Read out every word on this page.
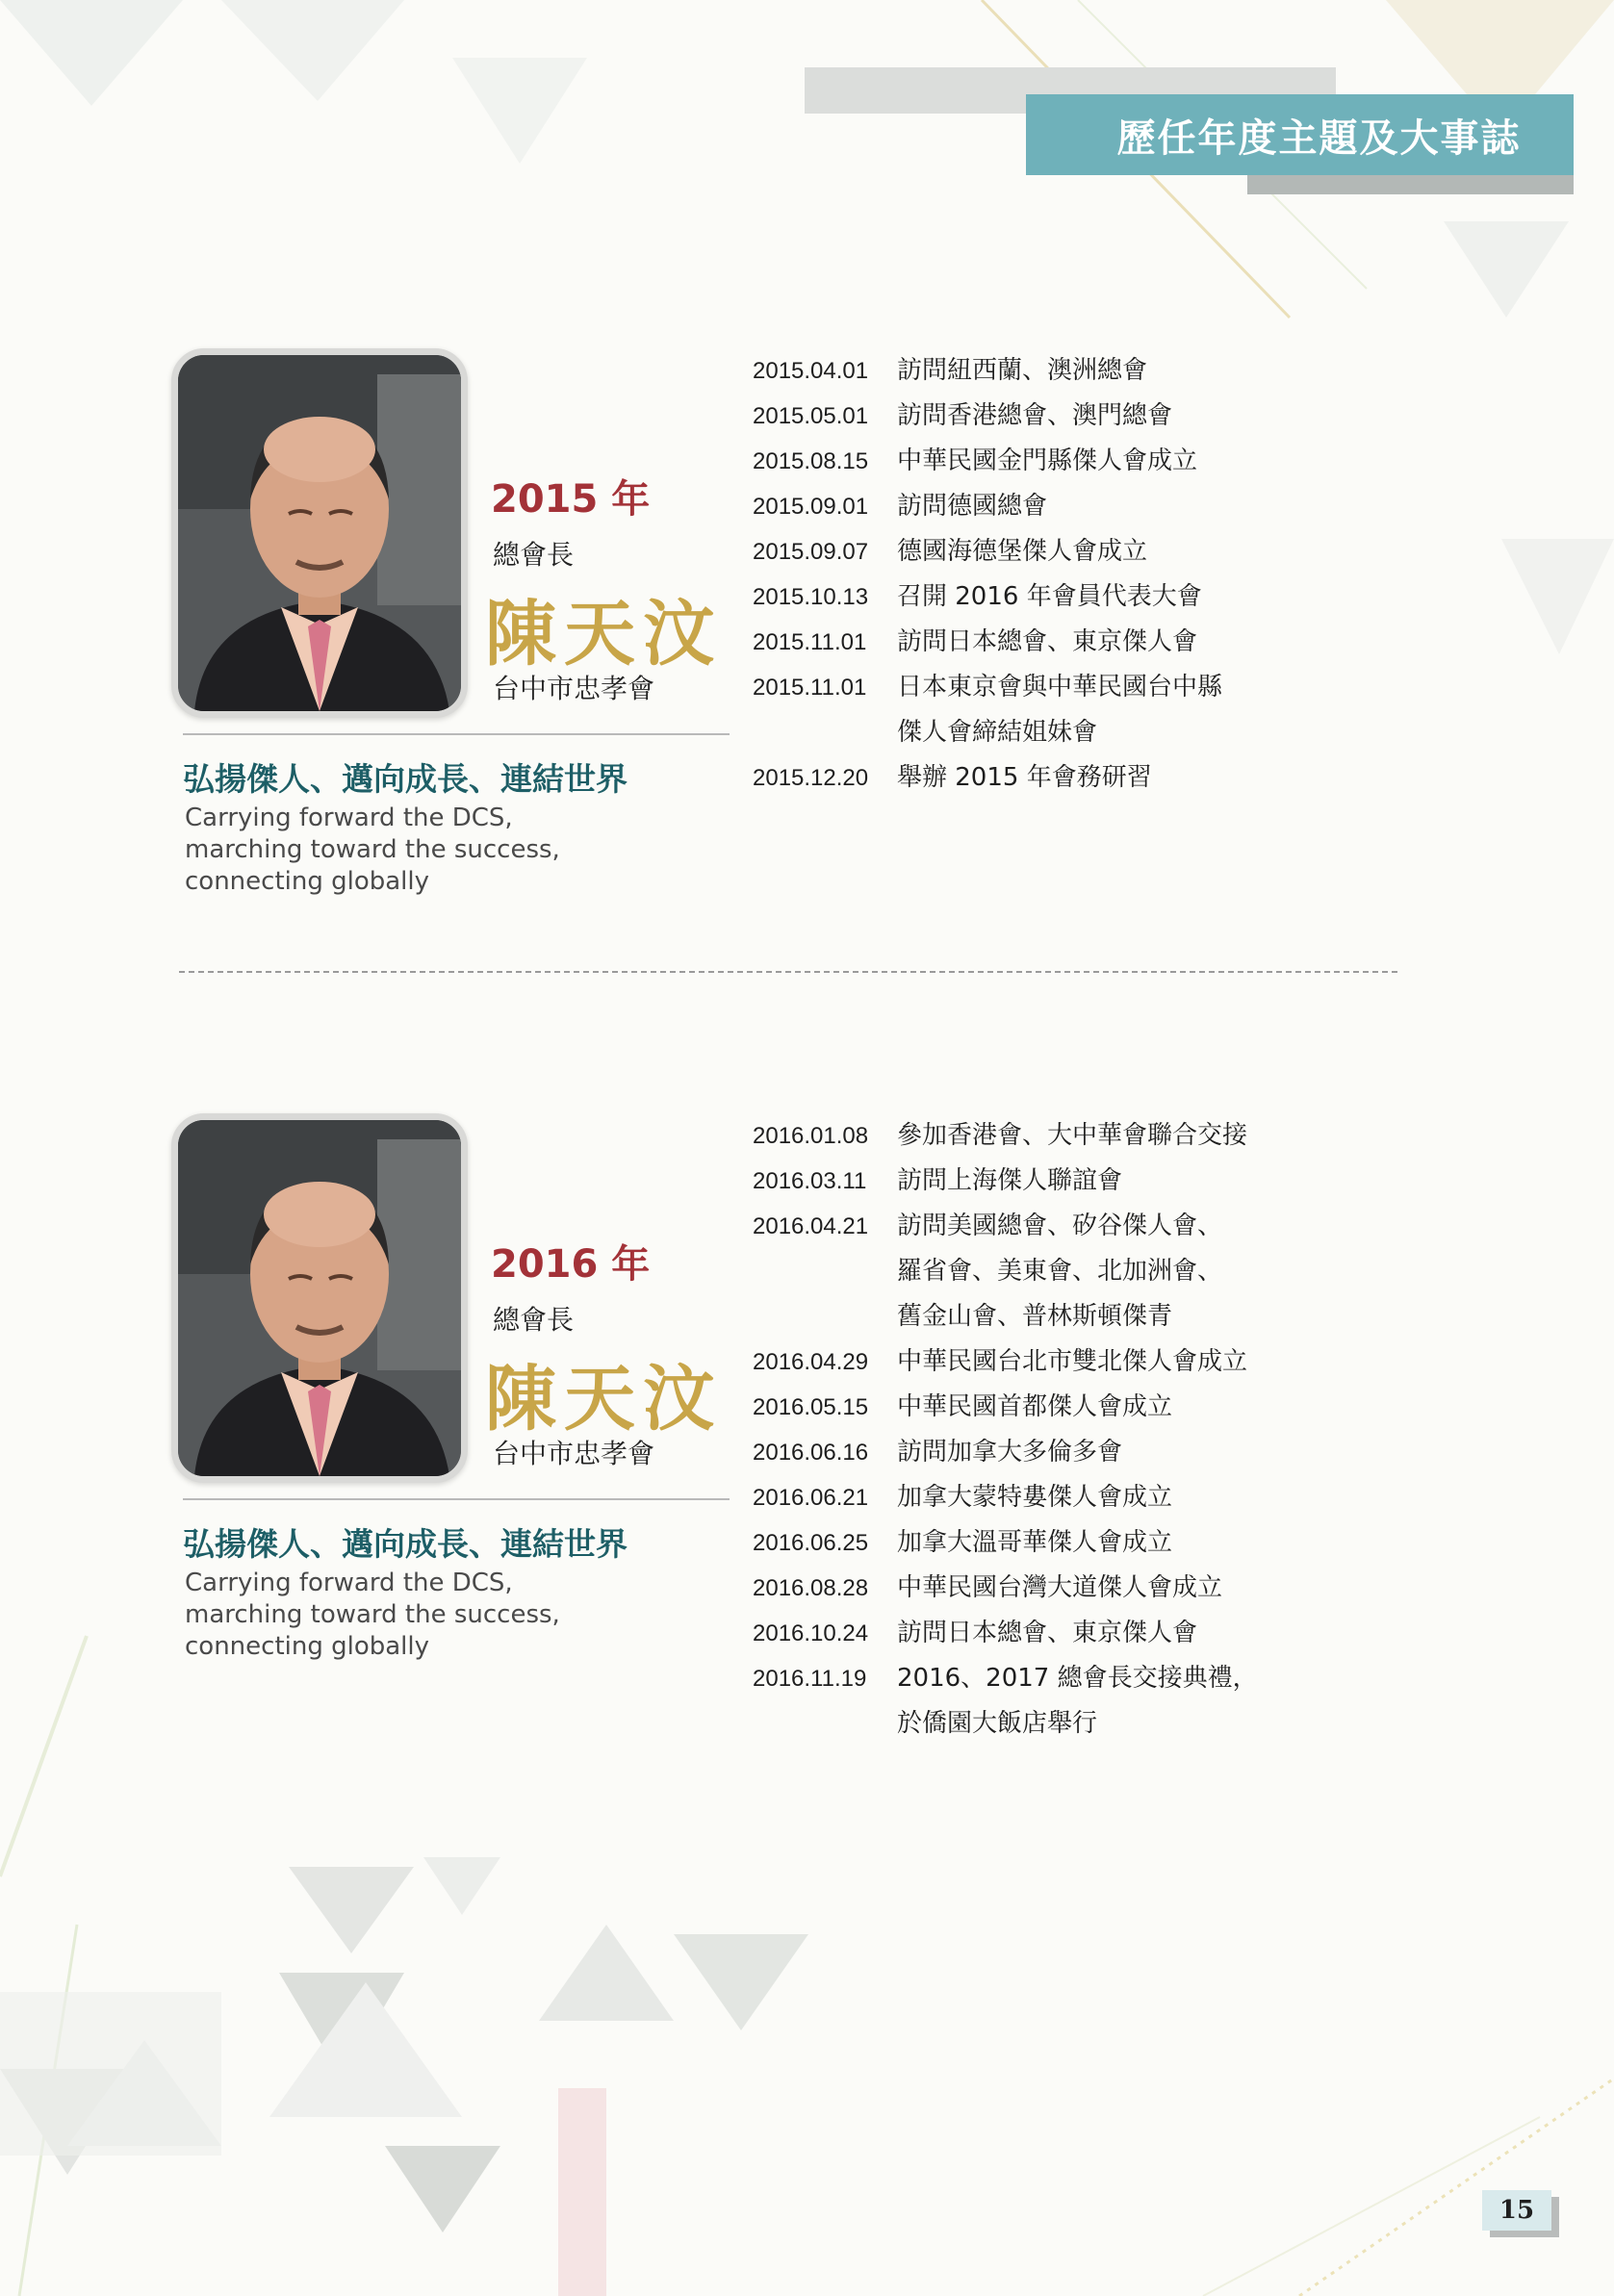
歷任年度主題及大事誌
2015 年
總會長
陳天汶
台中市忠孝會
弘揚傑人、邁向成長、連結世界
Carrying forward the DCS,
marching toward the success,
connecting globally
2015.04.01	訪問紐西蘭、澳洲總會
2015.05.01	訪問香港總會、澳門總會
2015.08.15	中華民國金門縣傑人會成立
2015.09.01	訪問德國總會
2015.09.07	德國海德堡傑人會成立
2015.10.13	召開 2016 年會員代表大會
2015.11.01	訪問日本總會、東京傑人會
2015.11.01	日本東京會與中華民國台中縣
傑人會締結姐妹會
2015.12.20	舉辦 2015 年會務研習
2016 年
總會長
陳天汶
台中市忠孝會
弘揚傑人、邁向成長、連結世界
Carrying forward the DCS,
marching toward the success,
connecting globally
2016.01.08	參加香港會、大中華會聯合交接
2016.03.11	訪問上海傑人聯誼會
2016.04.21	訪問美國總會、矽谷傑人會、
羅省會、美東會、北加洲會、
舊金山會、普林斯頓傑青
2016.04.29	中華民國台北市雙北傑人會成立
2016.05.15	中華民國首都傑人會成立
2016.06.16	訪問加拿大多倫多會
2016.06.21	加拿大蒙特婁傑人會成立
2016.06.25	加拿大溫哥華傑人會成立
2016.08.28	中華民國台灣大道傑人會成立
2016.10.24	訪問日本總會、東京傑人會
2016.11.19	2016、2017 總會長交接典禮，
於僑園大飯店舉行
15
